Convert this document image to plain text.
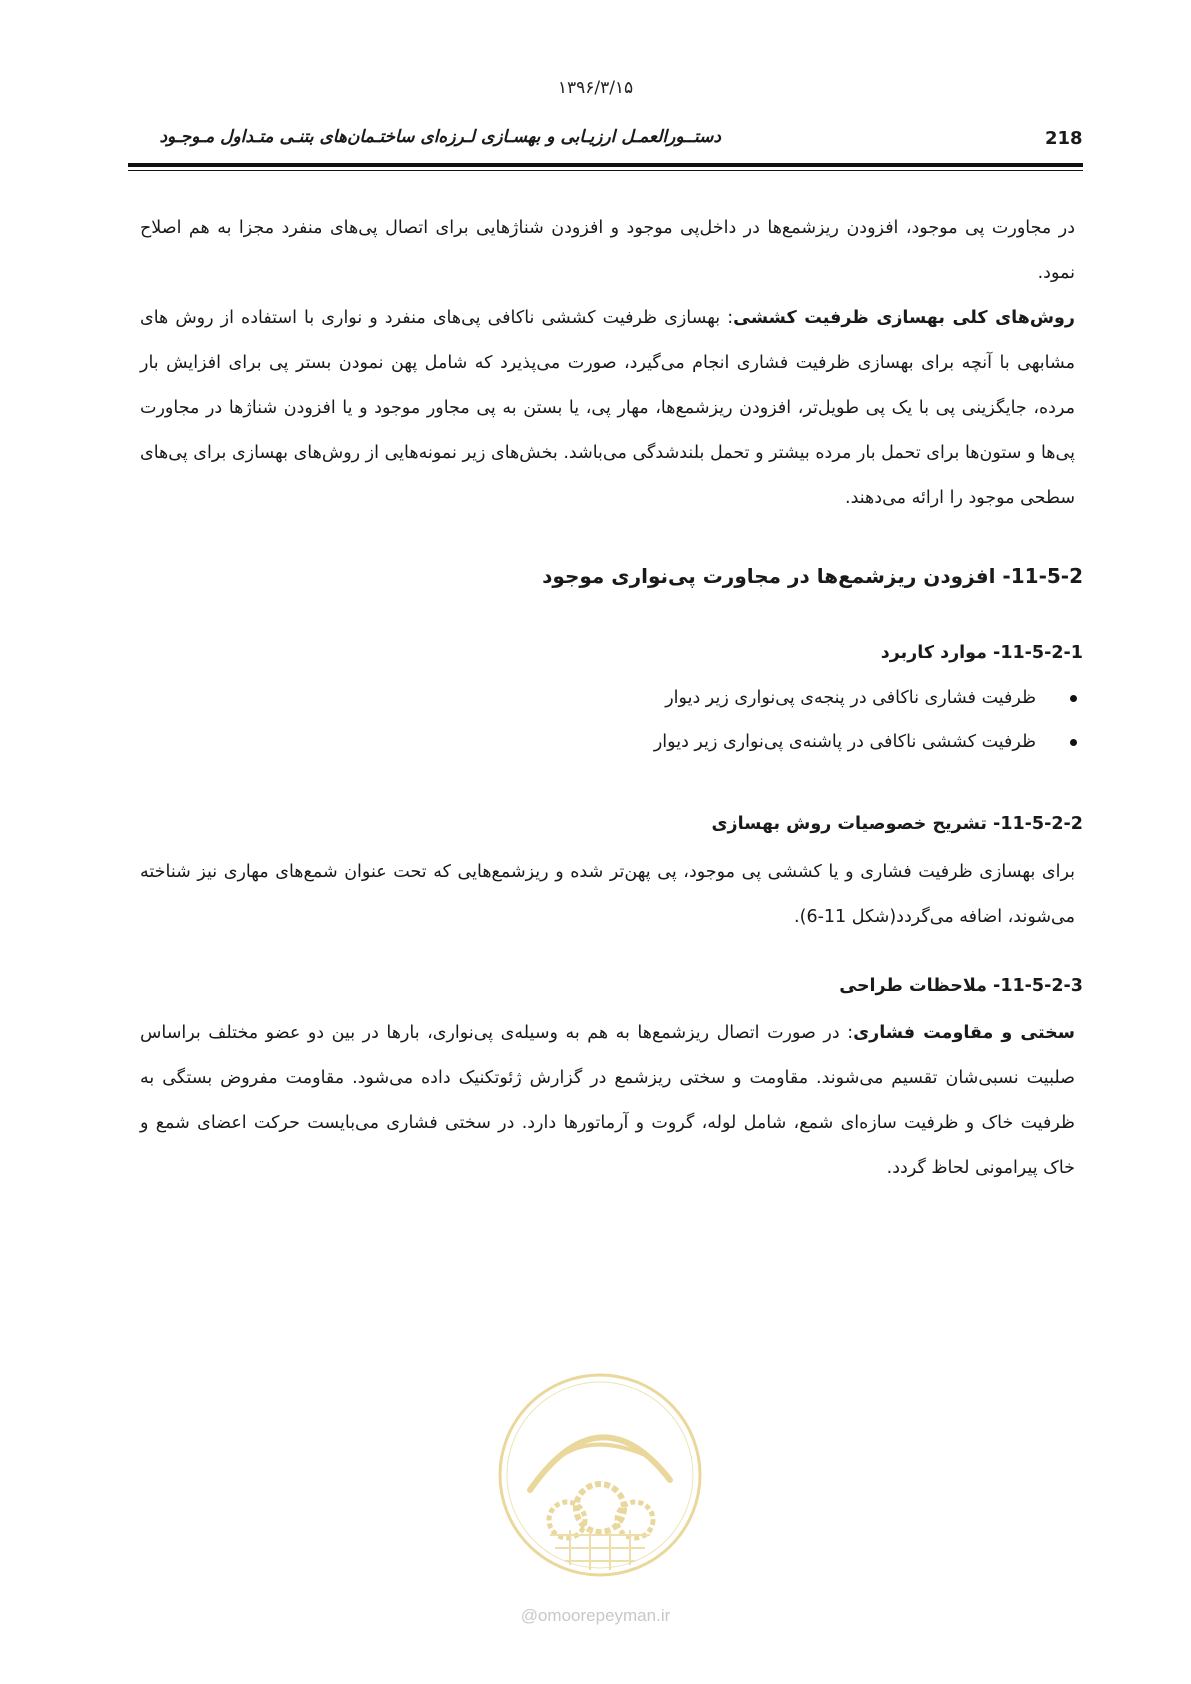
۱۳۹۶/۳/۱۵
218
دستــورالعمـل ارزیـابی و بهسـازی لـرزه‌ای ساختـمان‌های بتنـی متـداول مـوجـود

در مجاورت پی موجود، افزودن ریزشمع‌ها در داخل‌پی موجود و افزودن شناژهایی برای اتصال پی‌های منفرد مجزا به هم اصلاح نمود.

روش‌های کلی بهسازی ظرفیت کششی: بهسازی ظرفیت کششی ناکافی پی‌های منفرد و نواری با استفاده از روش های مشابهی با آنچه برای بهسازی ظرفیت فشاری انجام می‌گیرد، صورت می‌پذیرد که شامل پهن نمودن بستر پی برای افزایش بار مرده، جایگزینی پی با یک پی طویل‌تر، افزودن ریزشمع‌ها، مهار پی، یا بستن به پی مجاور موجود و یا افزودن شناژها در مجاورت پی‌ها و ستون‌ها برای تحمل بار مرده بیشتر و تحمل بلندشدگی می‌باشد. بخش‌های زیر نمونه‌هایی از روش‌های بهسازی برای پی‌های سطحی موجود را ارائه می‌دهند.

11-5-2- افزودن ریزشمع‌ها در مجاورت پی‌نواری موجود
11-5-2-1- موارد کاربرد
ظرفیت فشاری ناکافی در پنجه‌ی پی‌نواری زیر دیوار
ظرفیت کششی ناکافی در پاشنه‌ی پی‌نواری زیر دیوار
11-5-2-2- تشریح خصوصیات روش بهسازی

برای بهسازی ظرفیت فشاری و یا کششی پی موجود، پی پهن‌تر شده و ریزشمع‌هایی که تحت عنوان شمع‌های مهاری نیز شناخته می‌شوند، اضافه می‌گردد(شکل 11-6).

11-5-2-3- ملاحظات طراحی

سختی و مقاومت فشاری: در صورت اتصال ریزشمع‌ها به هم به وسیله‌ی پی‌نواری، بارها در بین دو عضو مختلف براساس صلبیت نسبی‌شان تقسیم می‌شوند. مقاومت و سختی ریزشمع در گزارش ژئوتکنیک داده می‌شود. مقاومت مفروض بستگی به ظرفیت خاک و ظرفیت سازه‌ای شمع، شامل لوله، گروت و آرماتورها دارد. در سختی فشاری می‌بایست حرکت اعضای شمع و خاک پیرامونی لحاظ گردد.

@omoorepeyman.ir
